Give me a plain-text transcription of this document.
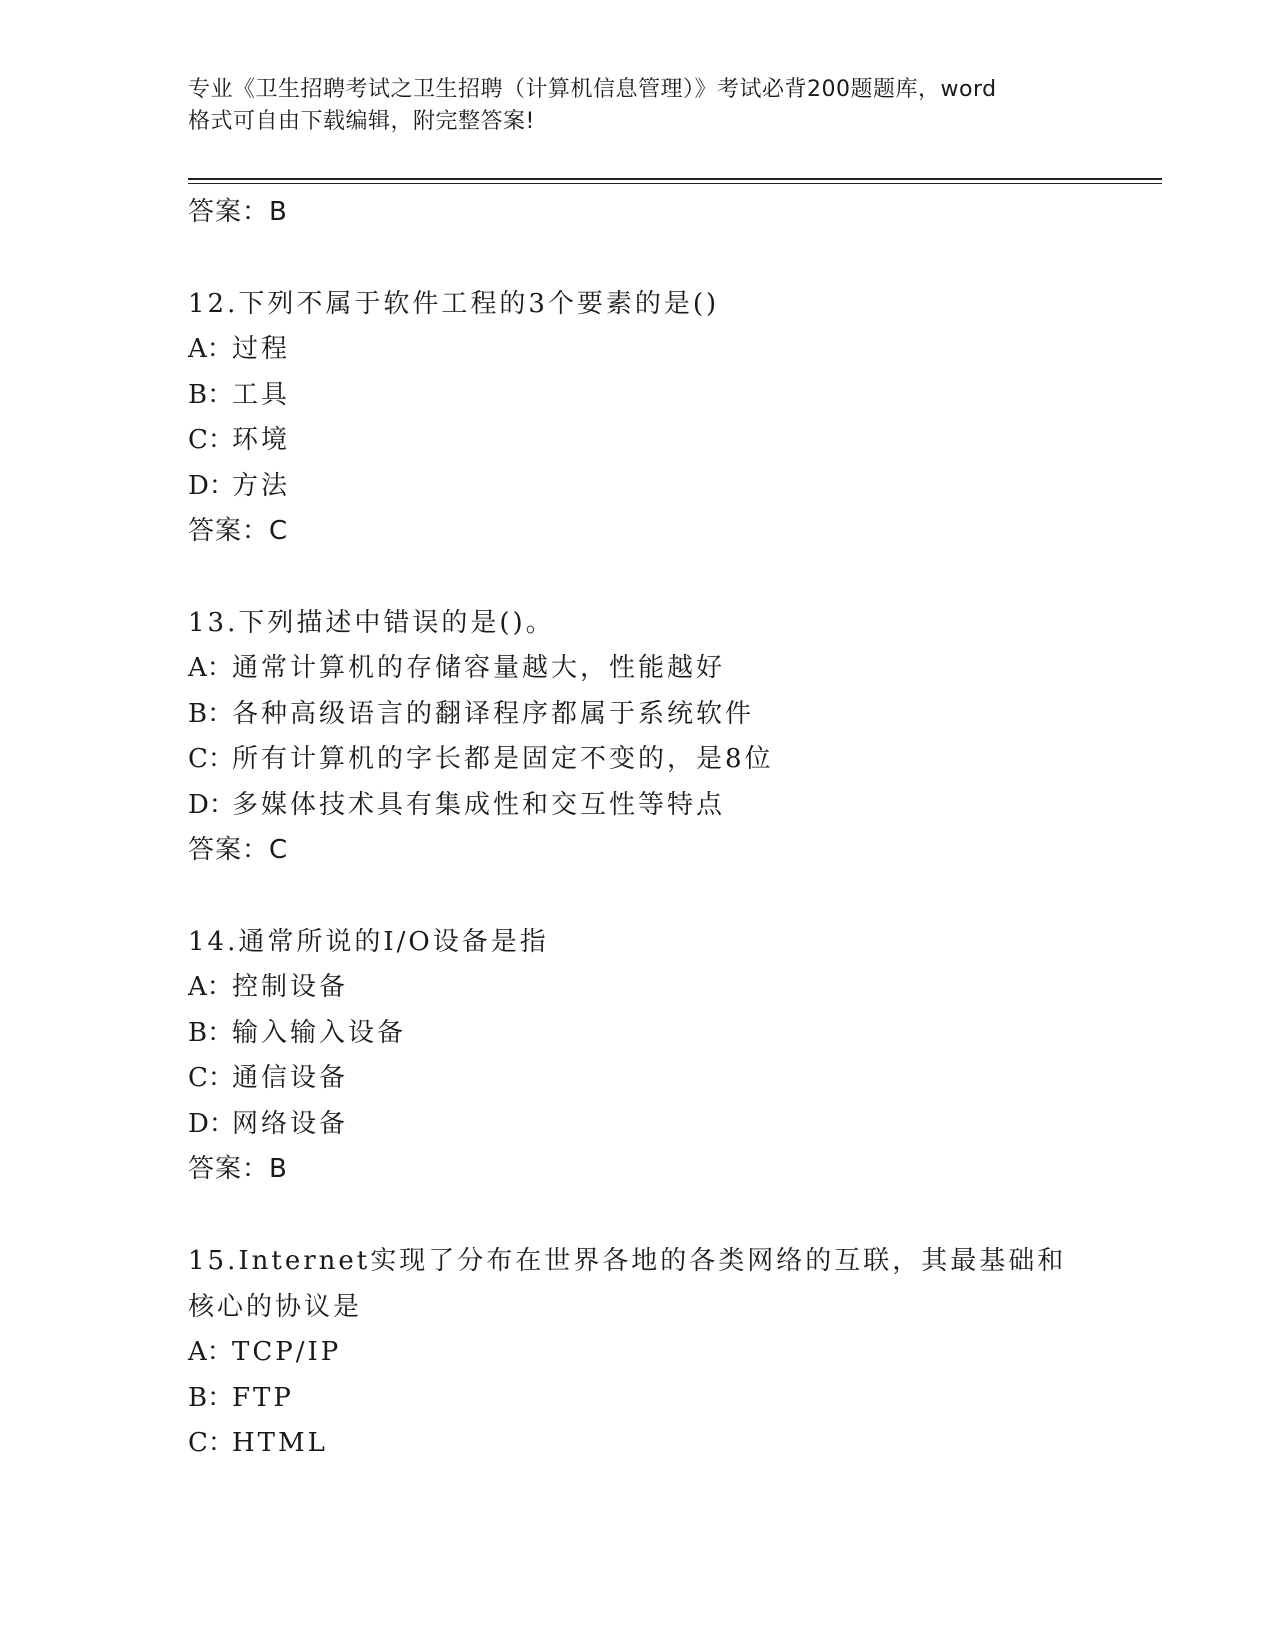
专业《卫生招聘考试之卫生招聘（计算机信息管理）》考试必背200题题库，word
格式可自由下载编辑，附完整答案!
答案：B
12.下列不属于软件工程的3个要素的是()
A：过程
B：工具
C：环境
D：方法
答案：C
13.下列描述中错误的是()。
A：通常计算机的存储容量越大，性能越好
B：各种高级语言的翻译程序都属于系统软件
C：所有计算机的字长都是固定不变的，是8位
D：多媒体技术具有集成性和交互性等特点
答案：C
14.通常所说的I/O设备是指
A：控制设备
B：输入输入设备
C：通信设备
D：网络设备
答案：B
15.Internet实现了分布在世界各地的各类网络的互联，其最基础和核心的协议是
A：TCP/IP
B：FTP
C：HTML
